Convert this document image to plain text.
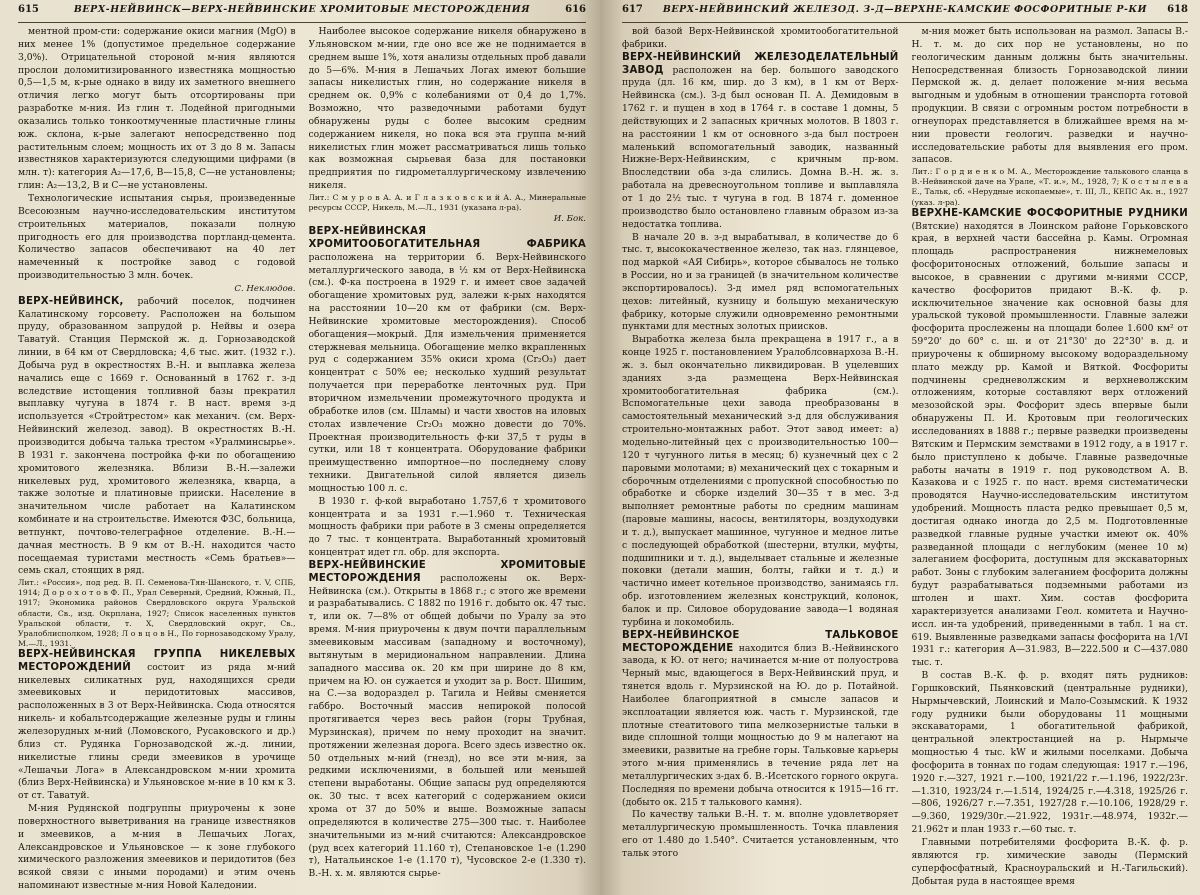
615	ВЕРХ-НЕЙВИНСК—ВЕРХ-НЕЙВИНСКИЕ ХРОМИТОВЫЕ МЕСТОРОЖДЕНИЯ	616

ментной пром-сти: содержание окиси магния (MgO) в них менее 1% (допустимое предельное содержание 3,0%). Отрицательной стороной м-ния являются прослои доломитизированного известняка мощностью 0,5—1,5 м, к-рые однако в виду их заметного внешнего отличия легко могут быть отсортированы при разработке м-ния. Из глин т. Лодейной пригодными оказались только тонкоотмученные пластичные глины юж. склона, к-рые залегают непосредственно под растительным слоем; мощность их от 3 до 8 м. Запасы известняков характеризуются следующими цифрами (в млн. т): категория A₂—17,6, B—15,8, C—не установлены; глин: A₂—13,2, B и C—не установлены.

Технологические испытания сырья, произведенные Всесоюзным научно-исследовательским институтом строительных материалов, показали полную пригодность его для производства портланд-цемента. Количество запасов обеспечивают на 40 лет намеченный к постройке завод с годовой производительностью 3 млн. бочек.

С. Неклюдов.

ВЕРХ-НЕЙВИНСК, рабочий поселок, подчинен Калатинскому горсовету. Расположен на большом пруду, образованном запрудой р. Нейвы и озера Таватуй. Станция Пермской ж. д. Горнозаводской линии, в 64 км от Свердловска; 4,6 тыс. жит. (1932 г.). Добыча руд в окрестностях В.-Н. и выплавка железа начались еще с 1669 г. Основанный в 1762 г. з-д вследствие истощения топливной базы прекратил выплавку чугуна в 1874 г. В наст. время з-д используется «Стройтрестом» как механич. (см. Верх-Нейвинский железод. завод). В окрестностях В.-Н. производится добыча талька трестом «Уралминсырье». В 1931 г. закончена постройка ф-ки по обогащению хромитового железняка. Вблизи В.-Н.—залежи никелевых руд, хромитового железняка, кварца, а также золотые и платиновые прииски. Население в значительном числе работает на Калатинском комбинате и на строительстве. Имеются ФЗС, больница, ветпункт, почтово-телеграфное отделение. В.-Н.—дачная местность. В 9 км от В.-Н. находится часто посещаемая туристами местность «Семь братьев»—семь скал, стоящих в ряд.

Лит.: «Россия», под ред. В. П. Семенова-Тян-Шанского, т. V, СПБ, 1914; Д о р о х о т о в Ф. П., Урал Северный, Средний, Южный, П., 1917; Экономика районов Свердловского округа Уральской области, Св., изд. Окрплана, 1927; Список населенных пунктов Уральской области, т. X, Свердловский округ, Св., Уралоблисполком, 1928; Л о в ц о в Н., По горнозаводскому Уралу, М.—Л., 1931.

ВЕРХ-НЕЙВИНСКАЯ ГРУППА НИКЕЛЕВЫХ МЕСТОРОЖДЕНИЙ состоит из ряда м-ний никелевых силикатных руд, находящихся среди змеевиковых и перидотитовых массивов, расположенных в 3 от Верх-Нейвинска. Сюда относятся никель- и кобальтсодержащие железные руды и глины железорудных м-ний (Ломовского, Русаковского и др.) близ ст. Рудянка Горнозаводской ж.-д. линии, никелистые глины среди змеевиков в урочище «Лешачьи Лога» в Александровском м-нии хромита (близ Верх-Нейвинска) и Ульяновское м-ние в 10 км к З. от ст. Таватуй.

М-ния Рудянской подгруппы приурочены к зоне поверхностного выветривания на границе известняков и змеевиков, а м-ния в Лешачьих Логах, Александровское и Ульяновское — к зоне глубокого химического разложения змеевиков и перидотитов (без всякой связи с иными породами) и этим очень напоминают известные м-ния Новой Каледонии.

Наиболее высокое содержание никеля обнаружено в Ульяновском м-нии, где оно все же не поднимается в среднем выше 1%, хотя анализы отдельных проб давали до 5—6%. М-ния в Лешачьих Логах имеют большие запасы никелистых глин, но содержание никеля в среднем ок. 0,9% с колебаниями от 0,4 до 1,7%. Возможно, что разведочными работами будут обнаружены руды с более высоким средним содержанием никеля, но пока вся эта группа м-ний никелистых глин может рассматриваться лишь только как возможная сырьевая база для постановки предприятия по гидрометаллургическому извлечению никеля.

Лит.: С м у р о в А. А. и Г л а з к о в с к и й А. А., Минеральные ресурсы СССР, Никель, М.—Л., 1931 (указана л-ра).

И. Бок.

ВЕРХ-НЕЙВИНСКАЯ ХРОМИТООБОГАТИТЕЛЬНАЯ ФАБРИКА расположена на территории б. Верх-Нейвинского металлургического завода, в ½ км от Верх-Нейвинска (см.). Ф-ка построена в 1929 г. и имеет свое задачей обогащение хромитовых руд, залежи к-рых находятся на расстоянии 10—20 км от фабрики (см. Верх-Нейвинские хромитовые месторождения). Способ обогащения—мокрый. Для измельчения применяется стержневая мельница. Обогащение мелко вкрапленных руд с содержанием 35% окиси хрома (Cr₂O₃) дает концентрат с 50% ее; несколько худший результат получается при переработке ленточных руд. При вторичном измельчении промежуточного продукта и обработке илов (см. Шламы) и части хвостов на иловых столах извлечение Cr₂O₃ можно довести до 70%. Проектная производительность ф-ки 37,5 т руды в сутки, или 18 т концентрата. Оборудование фабрики преимущественно импортное—по последнему слову техники. Двигательной силой является дизель мощностью 100 л. с.

В 1930 г. ф-кой выработано 1.757,6 т хромитового концентрата и за 1931 г.—1.960 т. Техническая мощность фабрики при работе в 3 смены определяется до 7 тыс. т концентрата. Выработанный хромитовый концентрат идет гл. обр. для экспорта.

ВЕРХ-НЕЙВИНСКИЕ ХРОМИТОВЫЕ МЕСТОРОЖДЕНИЯ расположены ок. Верх-Нейвинска (см.). Открыты в 1868 г.; с этого же времени и разрабатывались. С 1882 по 1916 г. добыто ок. 47 тыс. т, или ок. 7—8% от общей добычи по Уралу за это время. М-ния приурочены к двум почти параллельным змеевиковым массивам (западному и восточному), вытянутым в меридиональном направлении. Длина западного массива ок. 20 км при ширине до 8 км, причем на Ю. он сужается и уходит за р. Вост. Шишим, на С.—за водораздел р. Тагила и Нейвы сменяется габбро. Восточный массив непирокой полосой протягивается через весь район (горы Трубная, Мурзинская), причем по нему проходит на значит. протяжении железная дорога. Всего здесь известно ок. 50 отдельных м-ний (гнезд), но все эти м-ния, за редкими исключениями, в большей или меньшей степени выработаны. Общие запасы руд определяются ок. 30 тыс. т всех категорий с содержанием окиси хрома от 37 до 50% и выше. Возможные запасы определяются в количестве 275—300 тыс. т. Наиболее значительными из м-ний считаются: Александровское (руд всех категорий 11.160 т), Степановское 1-е (1.290 т), Натальинское 1-е (1.170 т), Чусовское 2-е (1.330 т). В.-Н. х. м. являются сырье-

617	ВЕРХ-НЕЙВИНСКИЙ ЖЕЛЕЗОД. З-Д—ВЕРХНЕ-КАМСКИЕ ФОСФОРИТНЫЕ Р-КИ	618

вой базой Верх-Нейвинской хромитообогатительной фабрики.

ВЕРХ-НЕЙВИНСКИЙ ЖЕЛЕЗОДЕЛАТЕЛЬНЫЙ ЗАВОД расположен на бер. большого заводского пруда (дл. 16 км, шир. до 3 км), в 1 км от Верх-Нейвинска (см.). З-д был основан П. А. Демидовым в 1762 г. и пущен в ход в 1764 г. в составе 1 домны, 5 действующих и 2 запасных кричных молотов. В 1803 г. на расстоянии 1 км от основного з-да был построен маленький вспомогательный заводик, названный Нижне-Верх-Нейвинским, с кричным пр-вом. Впоследствии оба з-да слились. Домна В.-Н. ж. з. работала на древесноугольном топливе и выплавляла от 1 до 2½ тыс. т чугуна в год. В 1874 г. доменное производство было остановлено главным образом из-за недостатка топлива.

В начале 20 в. з-д вырабатывал, в количестве до 6 тыс. т, высококачественное железо, так наз. глянцевое, под маркой «АЯ Сибирь», которое сбывалось не только в России, но и за границей (в значительном количестве экспортировалось). З-д имел ряд вспомогательных цехов: литейный, кузницу и большую механическую фабрику, которые служили одновременно ремонтными пунктами для местных золотых приисков.

Выработка железа была прекращена в 1917 г., а в конце 1925 г. постановлением Уралоблсовнархоза В.-Н. ж. з. был окончательно ликвидирован. В уцелевших зданиях з-да размещена Верх-Нейвинская хромитообогатительная фабрика (см.). Вспомогательные цехи завода преобразованы в самостоятельный механический з-д для обслуживания строительно-монтажных работ. Этот завод имеет: а) модельно-литейный цех с производительностью 100—120 т чугунного литья в месяц; б) кузнечный цех с 2 паровыми молотами; в) механический цех с токарным и сборочным отделениями с пропускной способностью по обработке и сборке изделий 30—35 т в мес. З-д выполняет ремонтные работы по средним машинам (паровые машины, насосы, вентиляторы, воздуходувки и т. д.), выпускает машинное, чугунное и медное литье с последующей обработкой (шестерни, втулки, муфты, подшипники и т. д.), выделывает стальные и железные поковки (детали машин, болты, гайки и т. д.) и частично имеет котельное производство, занимаясь гл. обр. изготовлением железных конструкций, колонок, балок и пр. Силовое оборудование завода—1 водяная турбина и локомобиль.

ВЕРХ-НЕЙВИНСКОЕ ТАЛЬКОВОЕ МЕСТОРОЖДЕНИЕ находится близ В.-Нейвинского завода, к Ю. от него; начинается м-ние от полуострова Черный мыс, вдающегося в Верх-Нейвинский пруд, и тянется вдоль г. Мурзинской на Ю. до р. Потайной. Наиболее благоприятной в смысле запасов и эксплоатации является юж. часть г. Мурзинской, где плотные стеатитового типа мелкозернистые тальки в виде сплошной толщи мощностью до 9 м налегают на змеевики, развитые на гребне горы. Тальковые карьеры этого м-ния применялись в течение ряда лет на металлургических з-дах б. В.-Исетского горного округа. Последняя по времени добыча относится к 1915—16 гг. (добыто ок. 215 т талькового камня).

По качеству тальки В.-Н. т. м. вполне удовлетворяет металлургическую промышленность. Точка плавления его от 1.480 до 1.540°. Считается установленным, что тальк этого

м-ния может быть использован на размол. Запасы В.-Н. т. м. до сих пор не установлены, но по геологическим данным должны быть значительны. Непосредственная близость Горнозаводской линии Пермской ж. д. делает положение м-ния весьма выгодным и удобным в отношении транспорта готовой продукции. В связи с огромным ростом потребности в огнеупорах представляется в ближайшее время на м-нии провести геологич. разведки и научно-исследовательские работы для выявления его пром. запасов.

Лит.: Г о р д и е н к о М. А., Месторождение талькового сланца в В.-Нейвинской даче на Урале, «Т. и.», М., 1928, 7; К о с т ы л е в а Е., Тальк, сб. «Нерудные ископаемые», т. III, Л., КЕПС Ак. н., 1927 (указ. л-ра).

ВЕРХНЕ-КАМСКИЕ ФОСФОРИТНЫЕ РУДНИКИ (Вятские) находятся в Лоинском районе Горьковского края, в верхней части бассейна р. Камы. Огромная площадь распространения нижнемеловых фосфоритоносных отложений, большие запасы и высокое, в сравнении с другими м-ниями СССР, качество фосфоритов придают В.-К. ф. р. исключительное значение как основной базы для уральской туковой промышленности. Главные залежи фосфорита прослежены на площади более 1.600 км² от 59°20' до 60° с. ш. и от 21°30' до 22°30' в. д. и приурочены к обширному высокому водораздельному плато между рр. Камой и Вяткой. Фосфориты подчинены средневолжским и верхневолжским отложениям, которые составляют верх отложений мезозойской эры. Фосфорит здесь впервые были обнаружены П. И. Кротовым при геологических исследованиях в 1888 г.; первые разведки произведены Вятским и Пермским земствами в 1912 году, а в 1917 г. было приступлено к добыче. Главные разведочные работы начаты в 1919 г. под руководством А. В. Казакова и с 1925 г. по наст. время систематически проводятся Научно-исследовательским институтом удобрений. Мощность пласта редко превышает 0,5 м, достигая однако иногда до 2,5 м. Подготовленные разведкой главные рудные участки имеют ок. 40% разведанной площади с неглубоким (менее 10 м) залеганием фосфорита, доступным для экскаваторных работ. Зоны с глубоким залеганием фосфорита должны будут разрабатываться подземными работами из штолен и шахт. Хим. состав фосфорита характеризуется анализами Геол. комитета и Научно-иссл. ин-та удобрений, приведенными в табл. 1 на ст. 619. Выявленные разведками запасы фосфорита на 1/VI 1931 г.: категория A—31.983, B—222.500 и C—437.080 тыс. т.

В состав В.-К. ф. р. входят пять рудников: Горшковский, Пьянковский (центральные рудники), Нырмычевский, Лоинский и Мало-Созымский. К 1932 году рудники были оборудованы 11 мощными экскаваторами, 1 обогатительной фабрикой, центральной электростанцией на р. Нырмыче мощностью 4 тыс. kW и жилыми поселками. Добыча фосфорита в тоннах по годам следующая: 1917 г.—196, 1920 г.—327, 1921 г.—100, 1921/22 г.—1.196, 1922/23г.—1.310, 1923/24 г.—1.514, 1924/25 г.—4.318, 1925/26 г.—806, 1926/27 г.—7.351, 1927/28 г.—10.106, 1928/29 г.—9.360, 1929/30г.—21.922, 1931г.—48.974, 1932г.—21.962т и план 1933 г.—60 тыс. т.

Главными потребителями фосфорита В.-К. ф. р. являются гр. химические заводы (Пермский суперфосфатный, Красноуральский и Н.-Тагильский). Добытая руда в настоящее время
